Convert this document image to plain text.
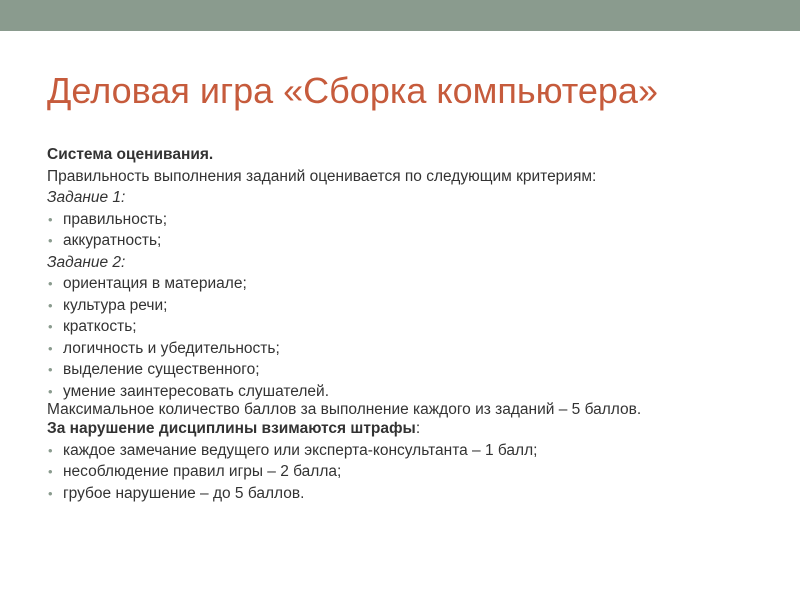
Деловая игра «Сборка компьютера»

Система оценивания.

Правильность выполнения заданий оценивается по следующим критериям:

Задание 1:

• правильность;
• аккуратность;

Задание 2:

• ориентация в материале;
• культура речи;
• краткость;
• логичность и убедительность;
• выделение существенного;
• умение заинтересовать слушателей.

Максимальное количество баллов за выполнение каждого из заданий – 5 баллов.

За нарушение дисциплины взимаются штрафы:

• каждое замечание ведущего или эксперта-консультанта – 1 балл;
• несоблюдение правил игры – 2 балла;
• грубое нарушение – до 5 баллов.
